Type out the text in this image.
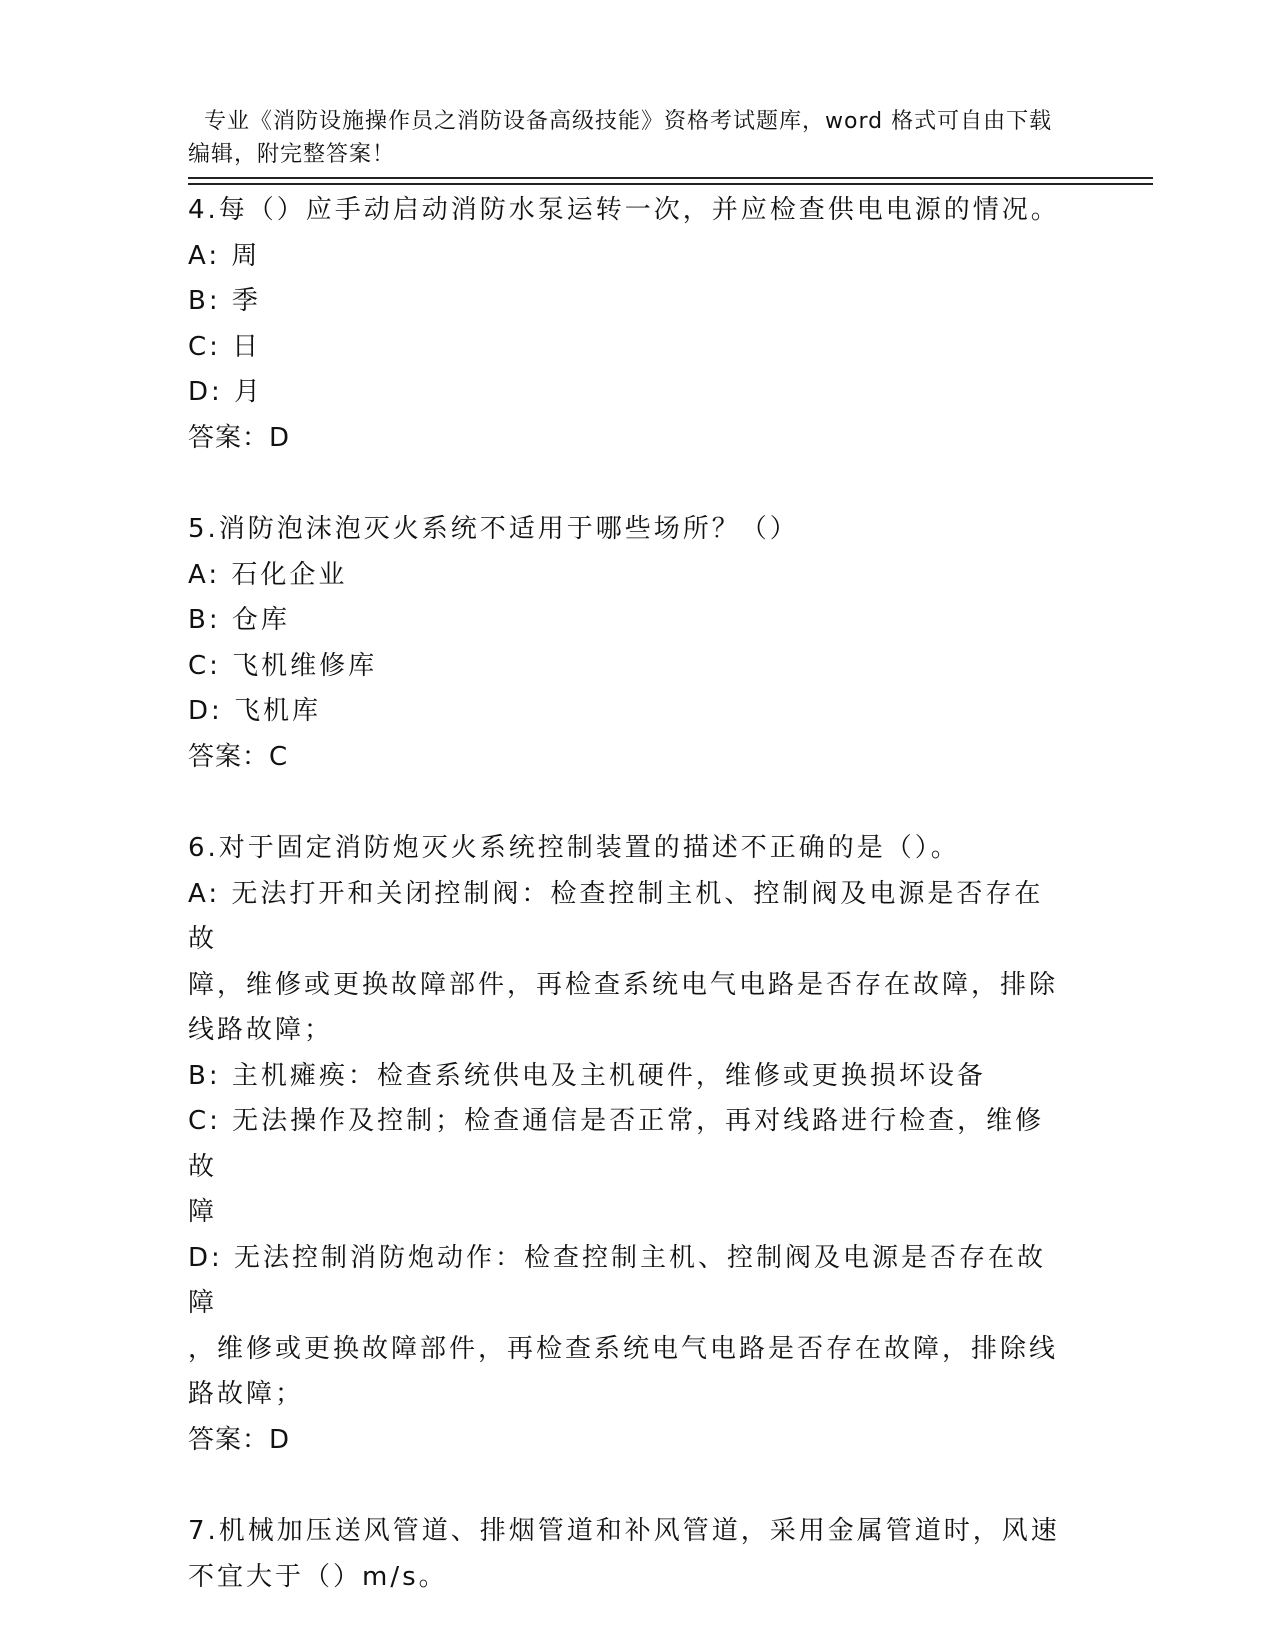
专业《消防设施操作员之消防设备高级技能》资格考试题库，word 格式可自由下载编辑，附完整答案！

4.每（）应手动启动消防水泵运转一次，并应检查供电电源的情况。

A: 周

B: 季

C: 日

D: 月

答案：D

5.消防泡沫泡灭火系统不适用于哪些场所？（）

A: 石化企业

B: 仓库

C: 飞机维修库

D: 飞机库

答案：C

6.对于固定消防炮灭火系统控制装置的描述不正确的是（）。

A: 无法打开和关闭控制阀：检查控制主机、控制阀及电源是否存在故

障，维修或更换故障部件，再检查系统电气电路是否存在故障，排除

线路故障；

B: 主机瘫痪：检查系统供电及主机硬件，维修或更换损坏设备

C: 无法操作及控制；检查通信是否正常，再对线路进行检查，维修故

障

D: 无法控制消防炮动作：检查控制主机、控制阀及电源是否存在故障

，维修或更换故障部件，再检查系统电气电路是否存在故障，排除线

路故障；

答案：D

7.机械加压送风管道、排烟管道和补风管道，采用金属管道时，风速

不宜大于（）m/s。
